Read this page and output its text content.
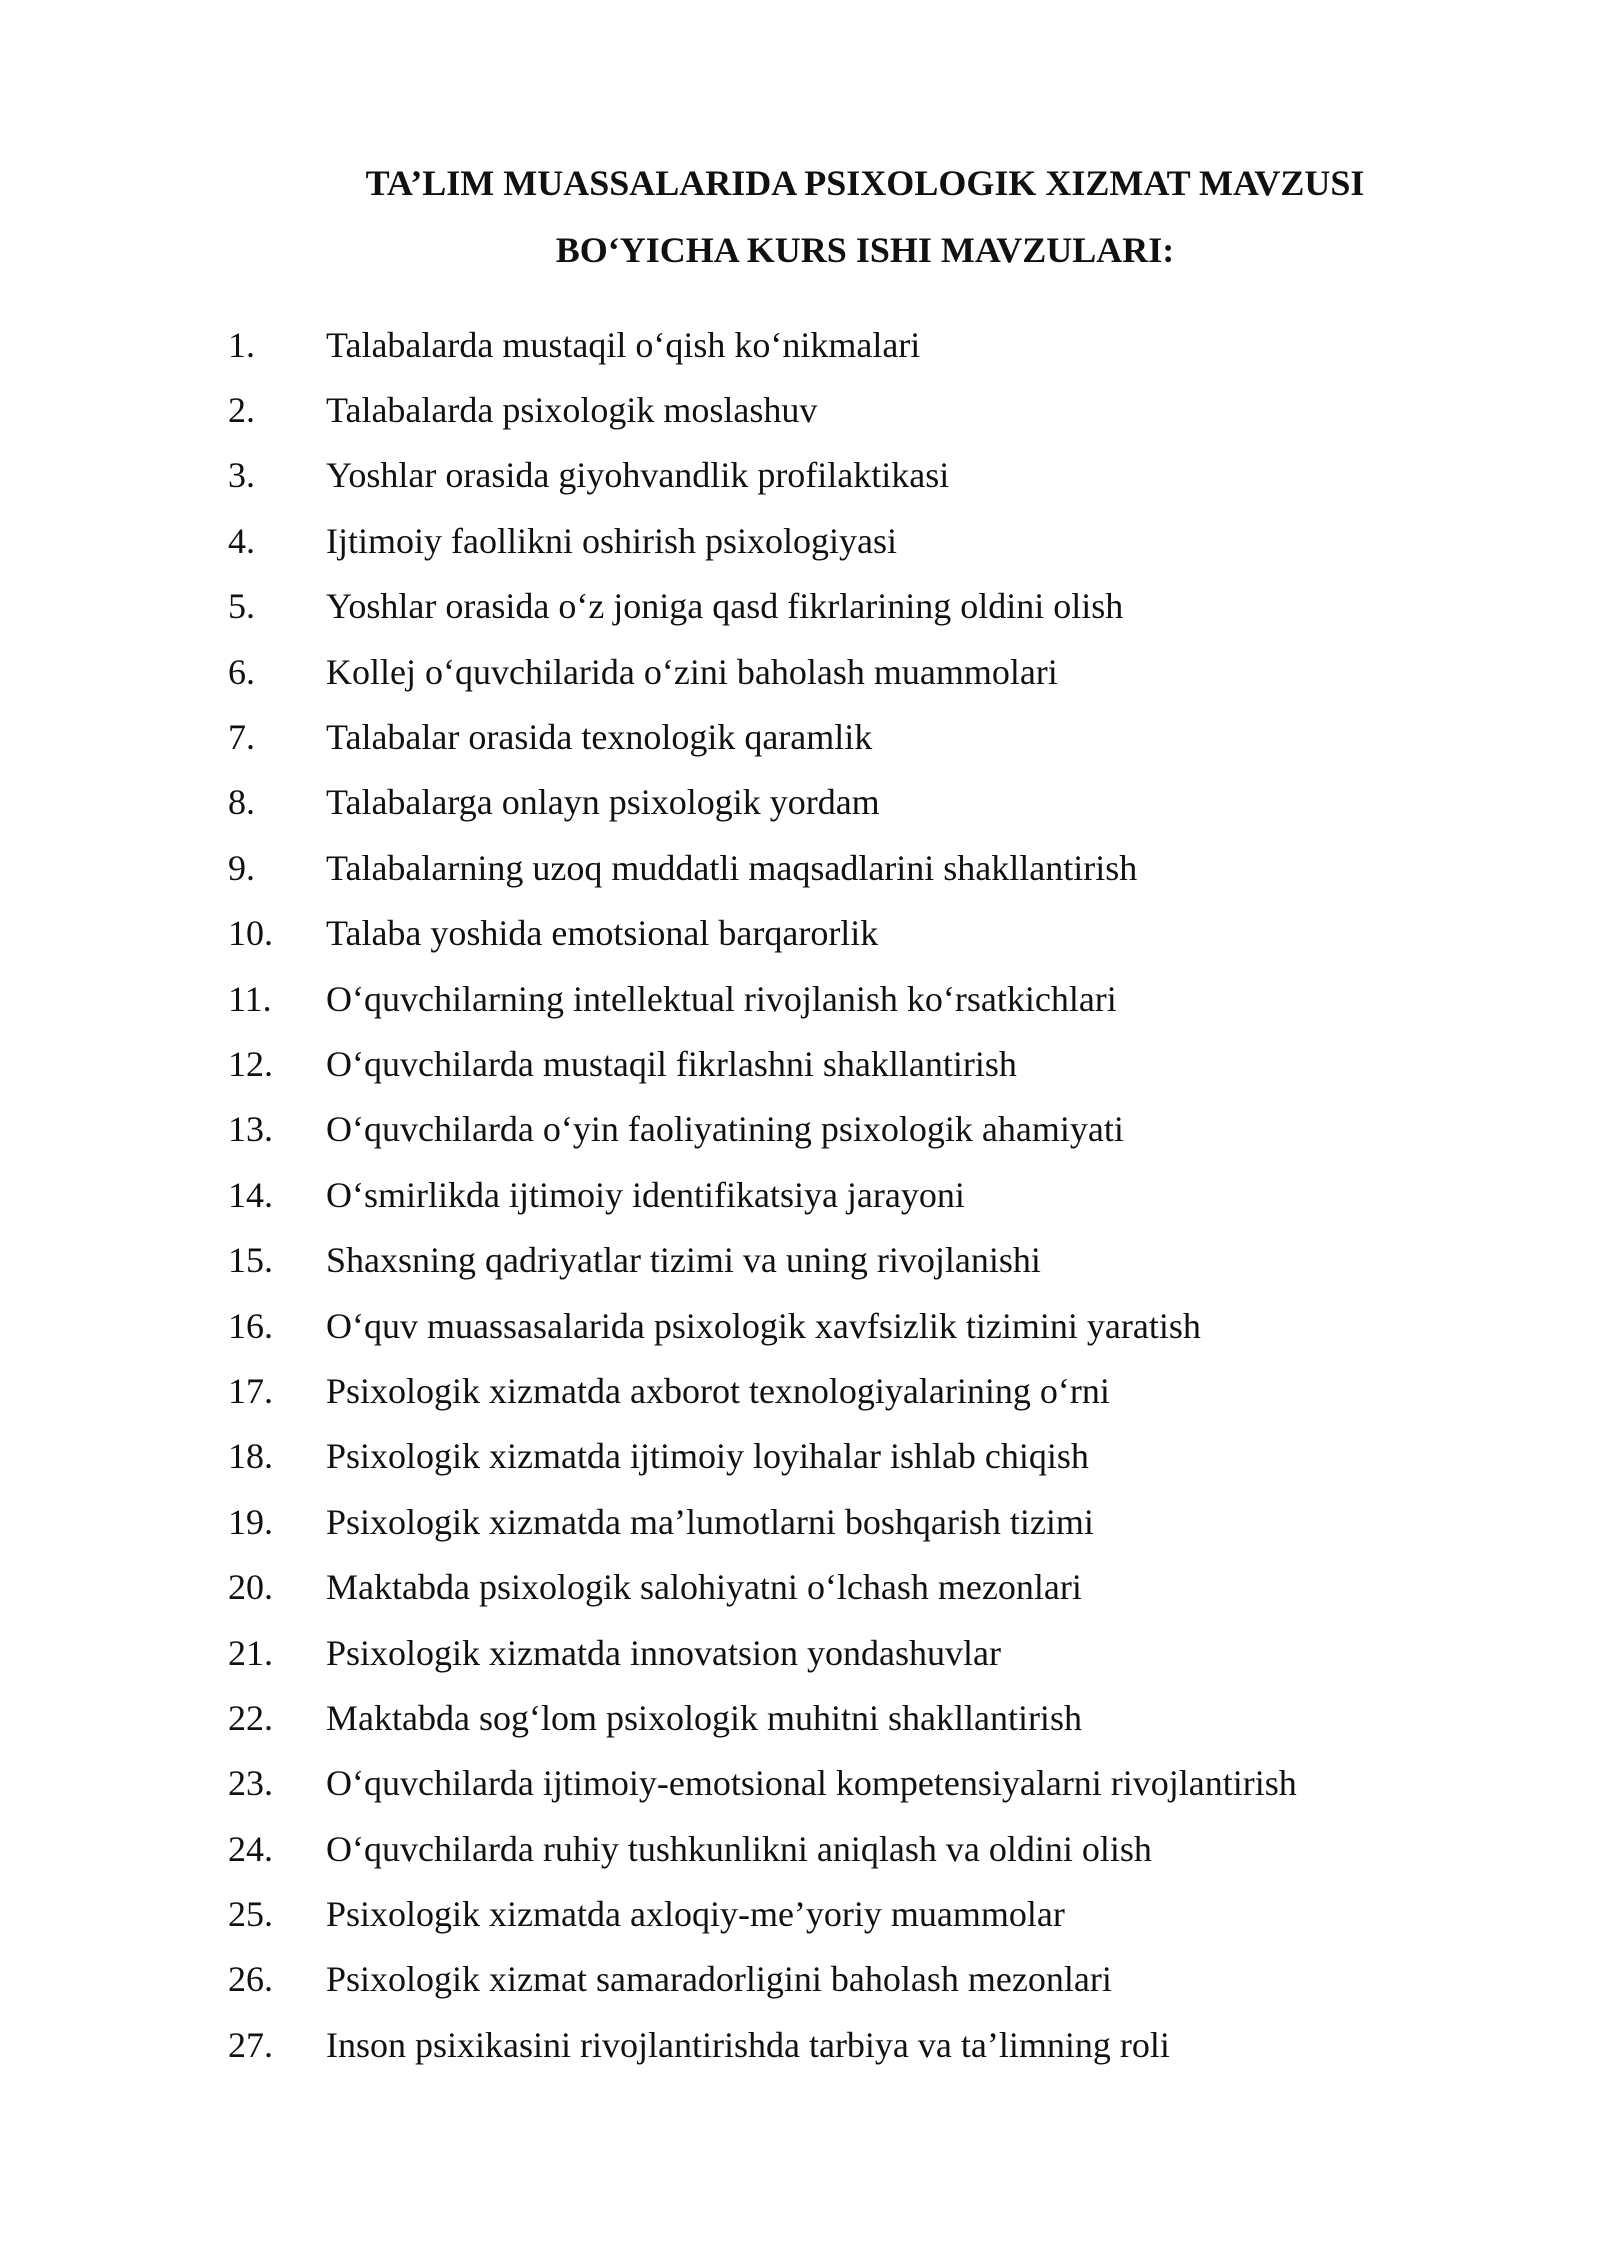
TA’LIM MUASSALARIDA PSIXOLOGIK XIZMAT MAVZUSI
BO‘YICHA KURS ISHI MAVZULARI:
1.	Talabalarda mustaqil o‘qish ko‘nikmalari
2.	Talabalarda psixologik moslashuv
3.	Yoshlar orasida giyohvandlik profilaktikasi
4.	Ijtimoiy faollikni oshirish psixologiyasi
5.	Yoshlar orasida o‘z joniga qasd fikrlarining oldini olish
6.	Kollej o‘quvchilarida o‘zini baholash muammolari
7.	Talabalar orasida texnologik qaramlik
8.	Talabalarga onlayn psixologik yordam
9.	Talabalarning uzoq muddatli maqsadlarini shakllantirish
10.	Talaba yoshida emotsional barqarorlik
11.	O‘quvchilarning intellektual rivojlanish ko‘rsatkichlari
12.	O‘quvchilarda mustaqil fikrlashni shakllantirish
13.	O‘quvchilarda o‘yin faoliyatining psixologik ahamiyati
14.	O‘smirlikda ijtimoiy identifikatsiya jarayoni
15.	Shaxsning qadriyatlar tizimi va uning rivojlanishi
16.	O‘quv muassasalarida psixologik xavfsizlik tizimini yaratish
17.	Psixologik xizmatda axborot texnologiyalarining o‘rni
18.	Psixologik xizmatda ijtimoiy loyihalar ishlab chiqish
19.	Psixologik xizmatda ma’lumotlarni boshqarish tizimi
20.	Maktabda psixologik salohiyatni o‘lchash mezonlari
21.	Psixologik xizmatda innovatsion yondashuvlar
22.	Maktabda sog‘lom psixologik muhitni shakllantirish
23.	O‘quvchilarda ijtimoiy-emotsional kompetensiyalarni rivojlantirish
24.	O‘quvchilarda ruhiy tushkunlikni aniqlash va oldini olish
25.	Psixologik xizmatda axloqiy-me’yoriy muammolar
26.	Psixologik xizmat samaradorligini baholash mezonlari
27.	Inson psixikasini rivojlantirishda tarbiya va ta’limning roli
